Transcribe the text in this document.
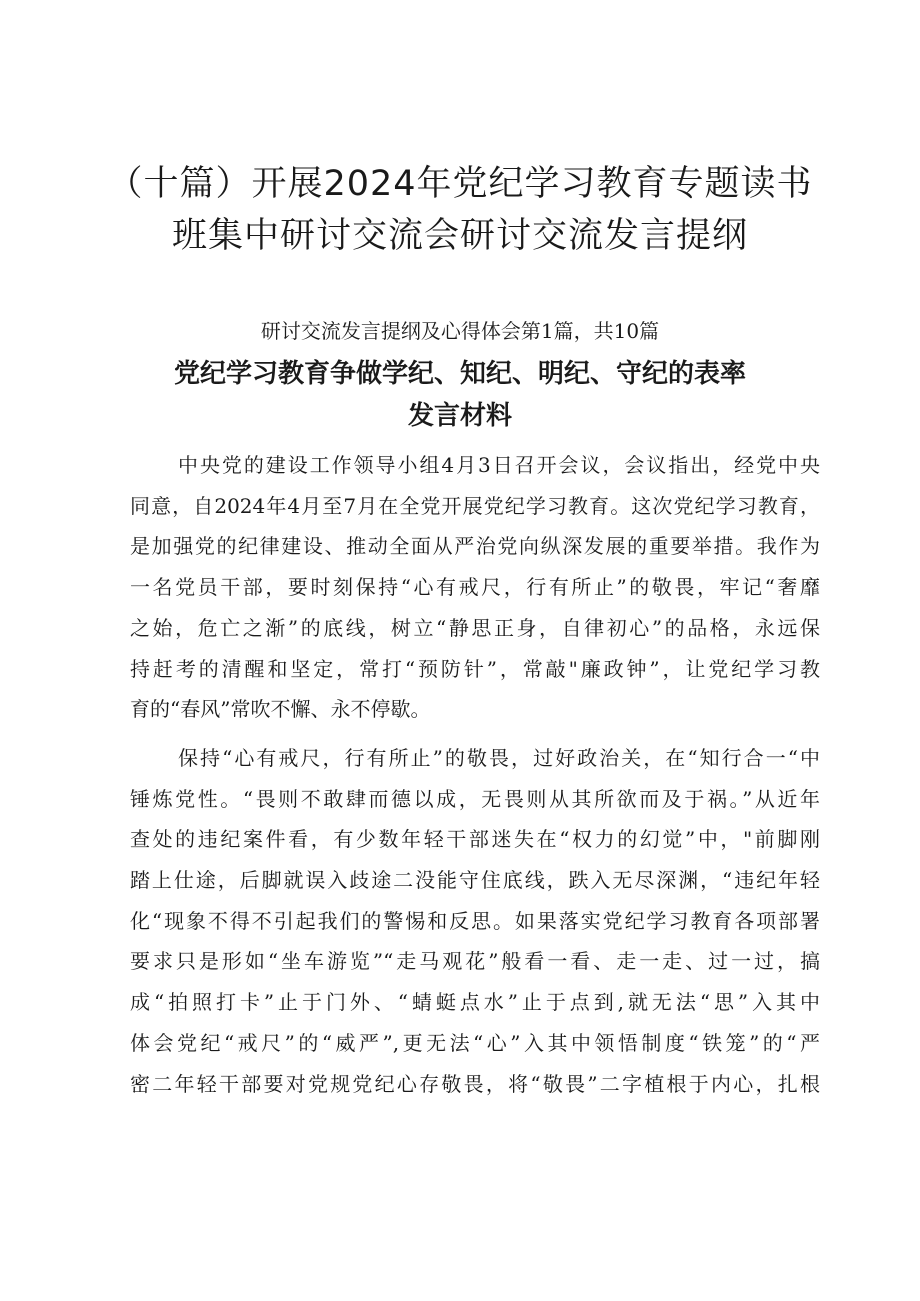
（十篇）开展2024年党纪学习教育专题读书
班集中研讨交流会研讨交流发言提纲

研讨交流发言提纲及心得体会第1篇，共10篇

党纪学习教育争做学纪、知纪、明纪、守纪的表率
发言材料

中央党的建设工作领导小组4月3日召开会议，会议指出，经党中央
同意，自2024年4月至7月在全党开展党纪学习教育。这次党纪学习教育，
是加强党的纪律建设、推动全面从严治党向纵深发展的重要举措。我作为
一名党员干部，要时刻保持“心有戒尺，行有所止”的敬畏，牢记“奢靡
之始，危亡之渐”的底线，树立“静思正身，自律初心”的品格，永远保
持赶考的清醒和坚定，常打“预防针”，常敲"廉政钟”，让党纪学习教
育的“春风”常吹不懈、永不停歇。

保持“心有戒尺，行有所止”的敬畏，过好政治关，在“知行合一“中
锤炼党性。“畏则不敢肆而德以成，无畏则从其所欲而及于祸。”从近年
查处的违纪案件看，有少数年轻干部迷失在“权力的幻觉”中，"前脚刚
踏上仕途，后脚就误入歧途二没能守住底线，跌入无尽深渊，“违纪年轻
化“现象不得不引起我们的警惕和反思。如果落实党纪学习教育各项部署
要求只是形如“坐车游览”“走马观花”般看一看、走一走、过一过，搞
成“拍照打卡”止于门外、“蜻蜓点水”止于点到,就无法“思”入其中
体会党纪“戒尺”的“威严”,更无法“心”入其中领悟制度“铁笼”的“严
密二年轻干部要对党规党纪心存敬畏，将“敬畏”二字植根于内心，扎根
